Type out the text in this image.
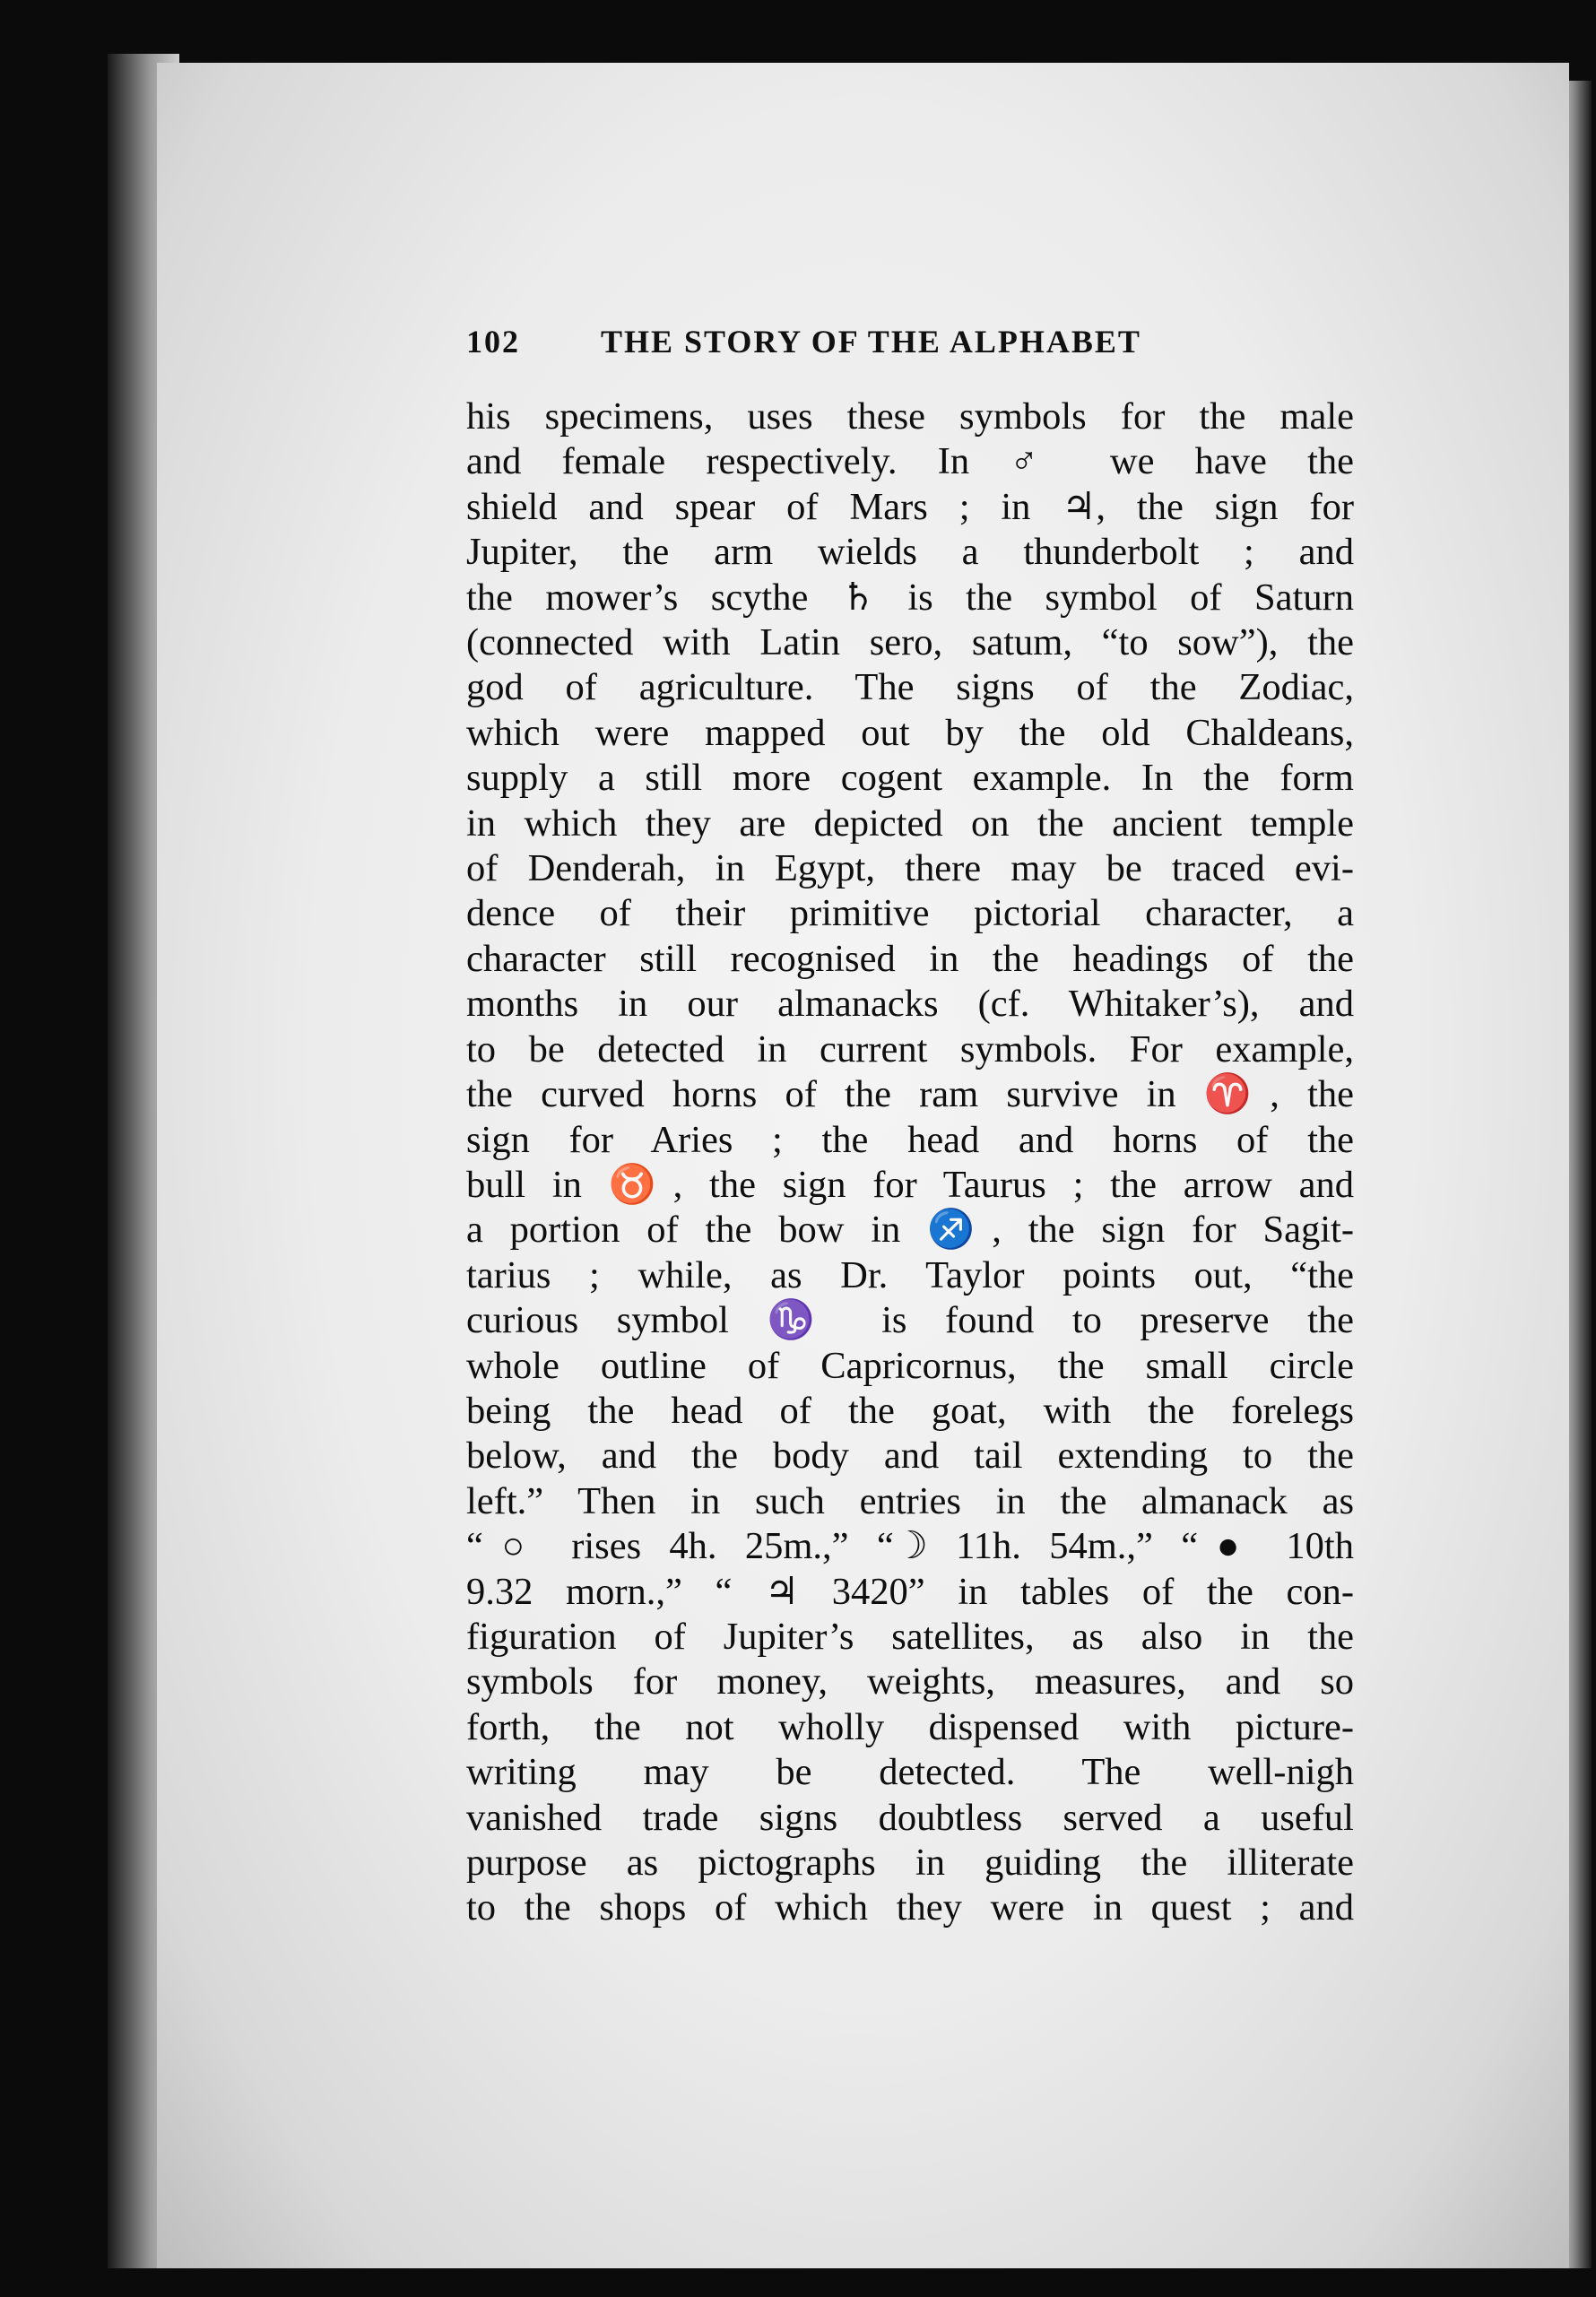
102	THE STORY OF THE ALPHABET
his specimens, uses these symbols for the male
and female respectively. In ♂ we have the
shield and spear of Mars ; in ♃, the sign for
Jupiter, the arm wields a thunderbolt ; and
the mower’s scythe ♄ is the symbol of Saturn
(connected with Latin sero, satum, “to sow”), the
god of agriculture. The signs of the Zodiac,
which were mapped out by the old Chaldeans,
supply a still more cogent example. In the form
in which they are depicted on the ancient temple
of Denderah, in Egypt, there may be traced evi-
dence of their primitive pictorial character, a
character still recognised in the headings of the
months in our almanacks (cf. Whitaker’s), and
to be detected in current symbols. For example,
the curved horns of the ram survive in ♈, the
sign for Aries ; the head and horns of the
bull in ♉, the sign for Taurus ; the arrow and
a portion of the bow in ♐, the sign for Sagit-
tarius ; while, as Dr. Taylor points out, “the
curious symbol ♑ is found to preserve the
whole outline of Capricornus, the small circle
being the head of the goat, with the forelegs
below, and the body and tail extending to the
left.” Then in such entries in the almanack as
“○ rises 4h. 25m.,” “☽ 11h. 54m.,” “● 10th
9.32 morn.,” “ ♃ 3420” in tables of the con-
figuration of Jupiter’s satellites, as also in the
symbols for money, weights, measures, and so
forth, the not wholly dispensed with picture-
writing may be detected. The well-nigh
vanished trade signs doubtless served a useful
purpose as pictographs in guiding the illiterate
to the shops of which they were in quest ; and
